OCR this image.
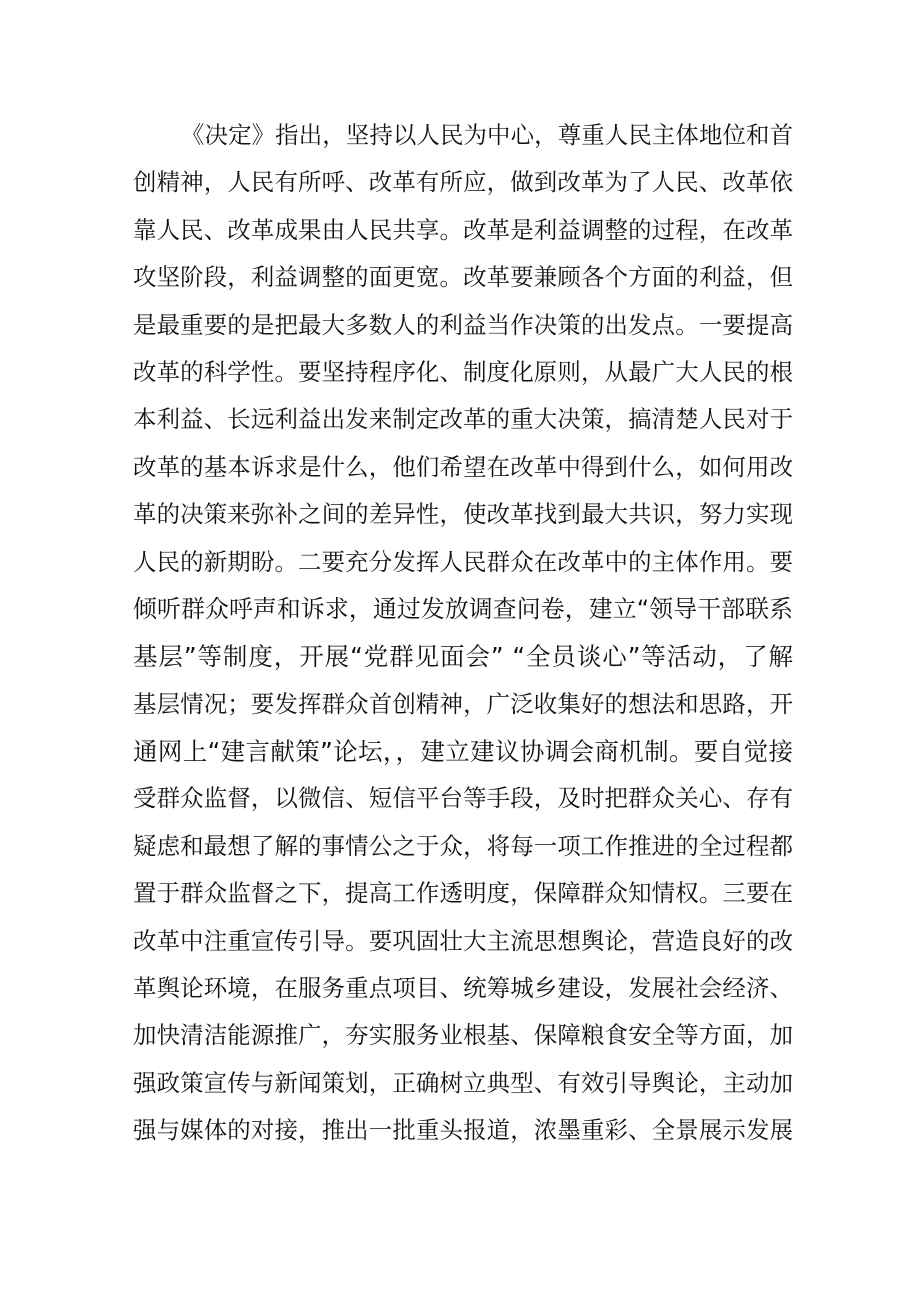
《决定》指出，坚持以人民为中心，尊重人民主体地位和首
创精神，人民有所呼、改革有所应，做到改革为了人民、改革依
靠人民、改革成果由人民共享。改革是利益调整的过程，在改革
攻坚阶段，利益调整的面更宽。改革要兼顾各个方面的利益，但
是最重要的是把最大多数人的利益当作决策的出发点。一要提高
改革的科学性。要坚持程序化、制度化原则，从最广大人民的根
本利益、长远利益出发来制定改革的重大决策，搞清楚人民对于
改革的基本诉求是什么，他们希望在改革中得到什么，如何用改
革的决策来弥补之间的差异性，使改革找到最大共识，努力实现
人民的新期盼。二要充分发挥人民群众在改革中的主体作用。要
倾听群众呼声和诉求，通过发放调查问卷，建立“领导干部联系
基层”等制度，开展“党群见面会” “全员谈心”等活动，了解
基层情况；要发挥群众首创精神，广泛收集好的想法和思路，开
通网上“建言献策”论坛，，建立建议协调会商机制。要自觉接
受群众监督，以微信、短信平台等手段，及时把群众关心、存有
疑虑和最想了解的事情公之于众，将每一项工作推进的全过程都
置于群众监督之下，提高工作透明度，保障群众知情权。三要在
改革中注重宣传引导。要巩固壮大主流思想舆论，营造良好的改
革舆论环境，在服务重点项目、统筹城乡建设，发展社会经济、
加快清洁能源推广，夯实服务业根基、保障粮食安全等方面，加
强政策宣传与新闻策划，正确树立典型、有效引导舆论，主动加
强与媒体的对接，推出一批重头报道，浓墨重彩、全景展示发展
